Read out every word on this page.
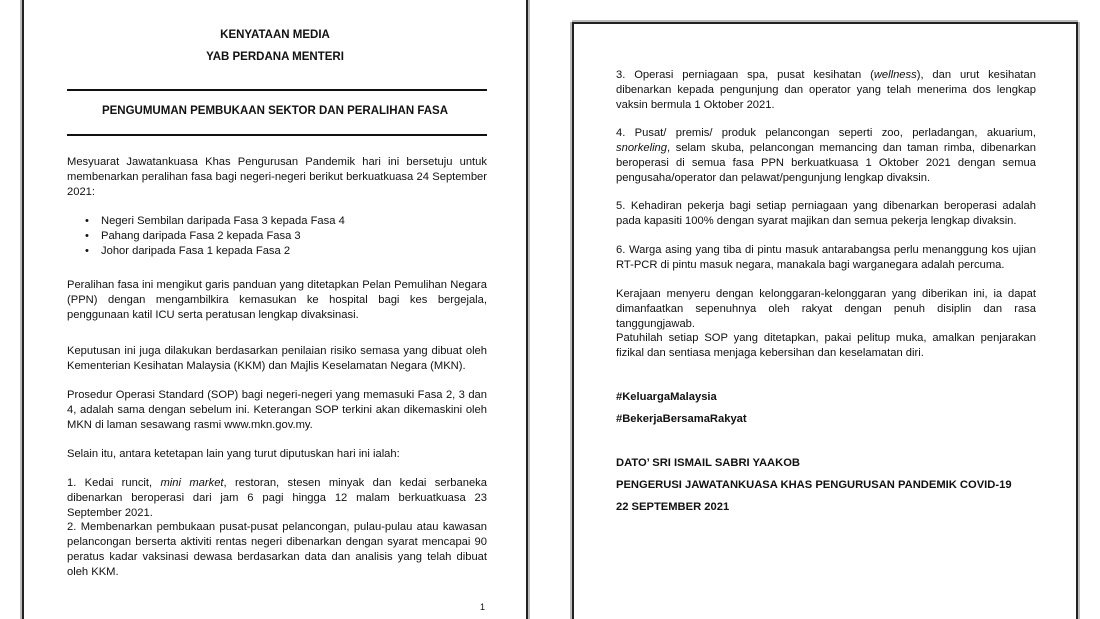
KENYATAAN MEDIA
YAB PERDANA MENTERI
PENGUMUMAN PEMBUKAAN SEKTOR DAN PERALIHAN FASA
Mesyuarat Jawatankuasa Khas Pengurusan Pandemik hari ini bersetuju untuk membenarkan peralihan fasa bagi negeri-negeri berikut berkuatkuasa 24 September 2021:
• Negeri Sembilan daripada Fasa 3 kepada Fasa 4
• Pahang daripada Fasa 2 kepada Fasa 3
• Johor daripada Fasa 1 kepada Fasa 2
Peralihan fasa ini mengikut garis panduan yang ditetapkan Pelan Pemulihan Negara (PPN) dengan mengambilkira kemasukan ke hospital bagi kes bergejala, penggunaan katil ICU serta peratusan lengkap divaksinasi.
Keputusan ini juga dilakukan berdasarkan penilaian risiko semasa yang dibuat oleh Kementerian Kesihatan Malaysia (KKM) dan Majlis Keselamatan Negara (MKN).
Prosedur Operasi Standard (SOP) bagi negeri-negeri yang memasuki Fasa 2, 3 dan 4, adalah sama dengan sebelum ini. Keterangan SOP terkini akan dikemaskini oleh MKN di laman sesawang rasmi www.mkn.gov.my.
Selain itu, antara ketetapan lain yang turut diputuskan hari ini ialah:
1. Kedai runcit, mini market, restoran, stesen minyak dan kedai serbaneka dibenarkan beroperasi dari jam 6 pagi hingga 12 malam berkuatkuasa 23 September 2021.
2. Membenarkan pembukaan pusat-pusat pelancongan, pulau-pulau atau kawasan pelancongan berserta aktiviti rentas negeri dibenarkan dengan syarat mencapai 90 peratus kadar vaksinasi dewasa berdasarkan data dan analisis yang telah dibuat oleh KKM.
1
3. Operasi perniagaan spa, pusat kesihatan (wellness), dan urut kesihatan dibenarkan kepada pengunjung dan operator yang telah menerima dos lengkap vaksin bermula 1 Oktober 2021.
4. Pusat/ premis/ produk pelancongan seperti zoo, perladangan, akuarium, snorkeling, selam skuba, pelancongan memancing dan taman rimba, dibenarkan beroperasi di semua fasa PPN berkuatkuasa 1 Oktober 2021 dengan semua pengusaha/operator dan pelawat/pengunjung lengkap divaksin.
5. Kehadiran pekerja bagi setiap perniagaan yang dibenarkan beroperasi adalah pada kapasiti 100% dengan syarat majikan dan semua pekerja lengkap divaksin.
6. Warga asing yang tiba di pintu masuk antarabangsa perlu menanggung kos ujian RT-PCR di pintu masuk negara, manakala bagi warganegara adalah percuma.
Kerajaan menyeru dengan kelonggaran-kelonggaran yang diberikan ini, ia dapat dimanfaatkan sepenuhnya oleh rakyat dengan penuh disiplin dan rasa tanggungjawab.
Patuhilah setiap SOP yang ditetapkan, pakai pelitup muka, amalkan penjarakan fizikal dan sentiasa menjaga kebersihan dan keselamatan diri.
#KeluargaMalaysia
#BekerjaBersamaRakyat
DATO’ SRI ISMAIL SABRI YAAKOB
PENGERUSI JAWATANKUASA KHAS PENGURUSAN PANDEMIK COVID-19
22 SEPTEMBER 2021
